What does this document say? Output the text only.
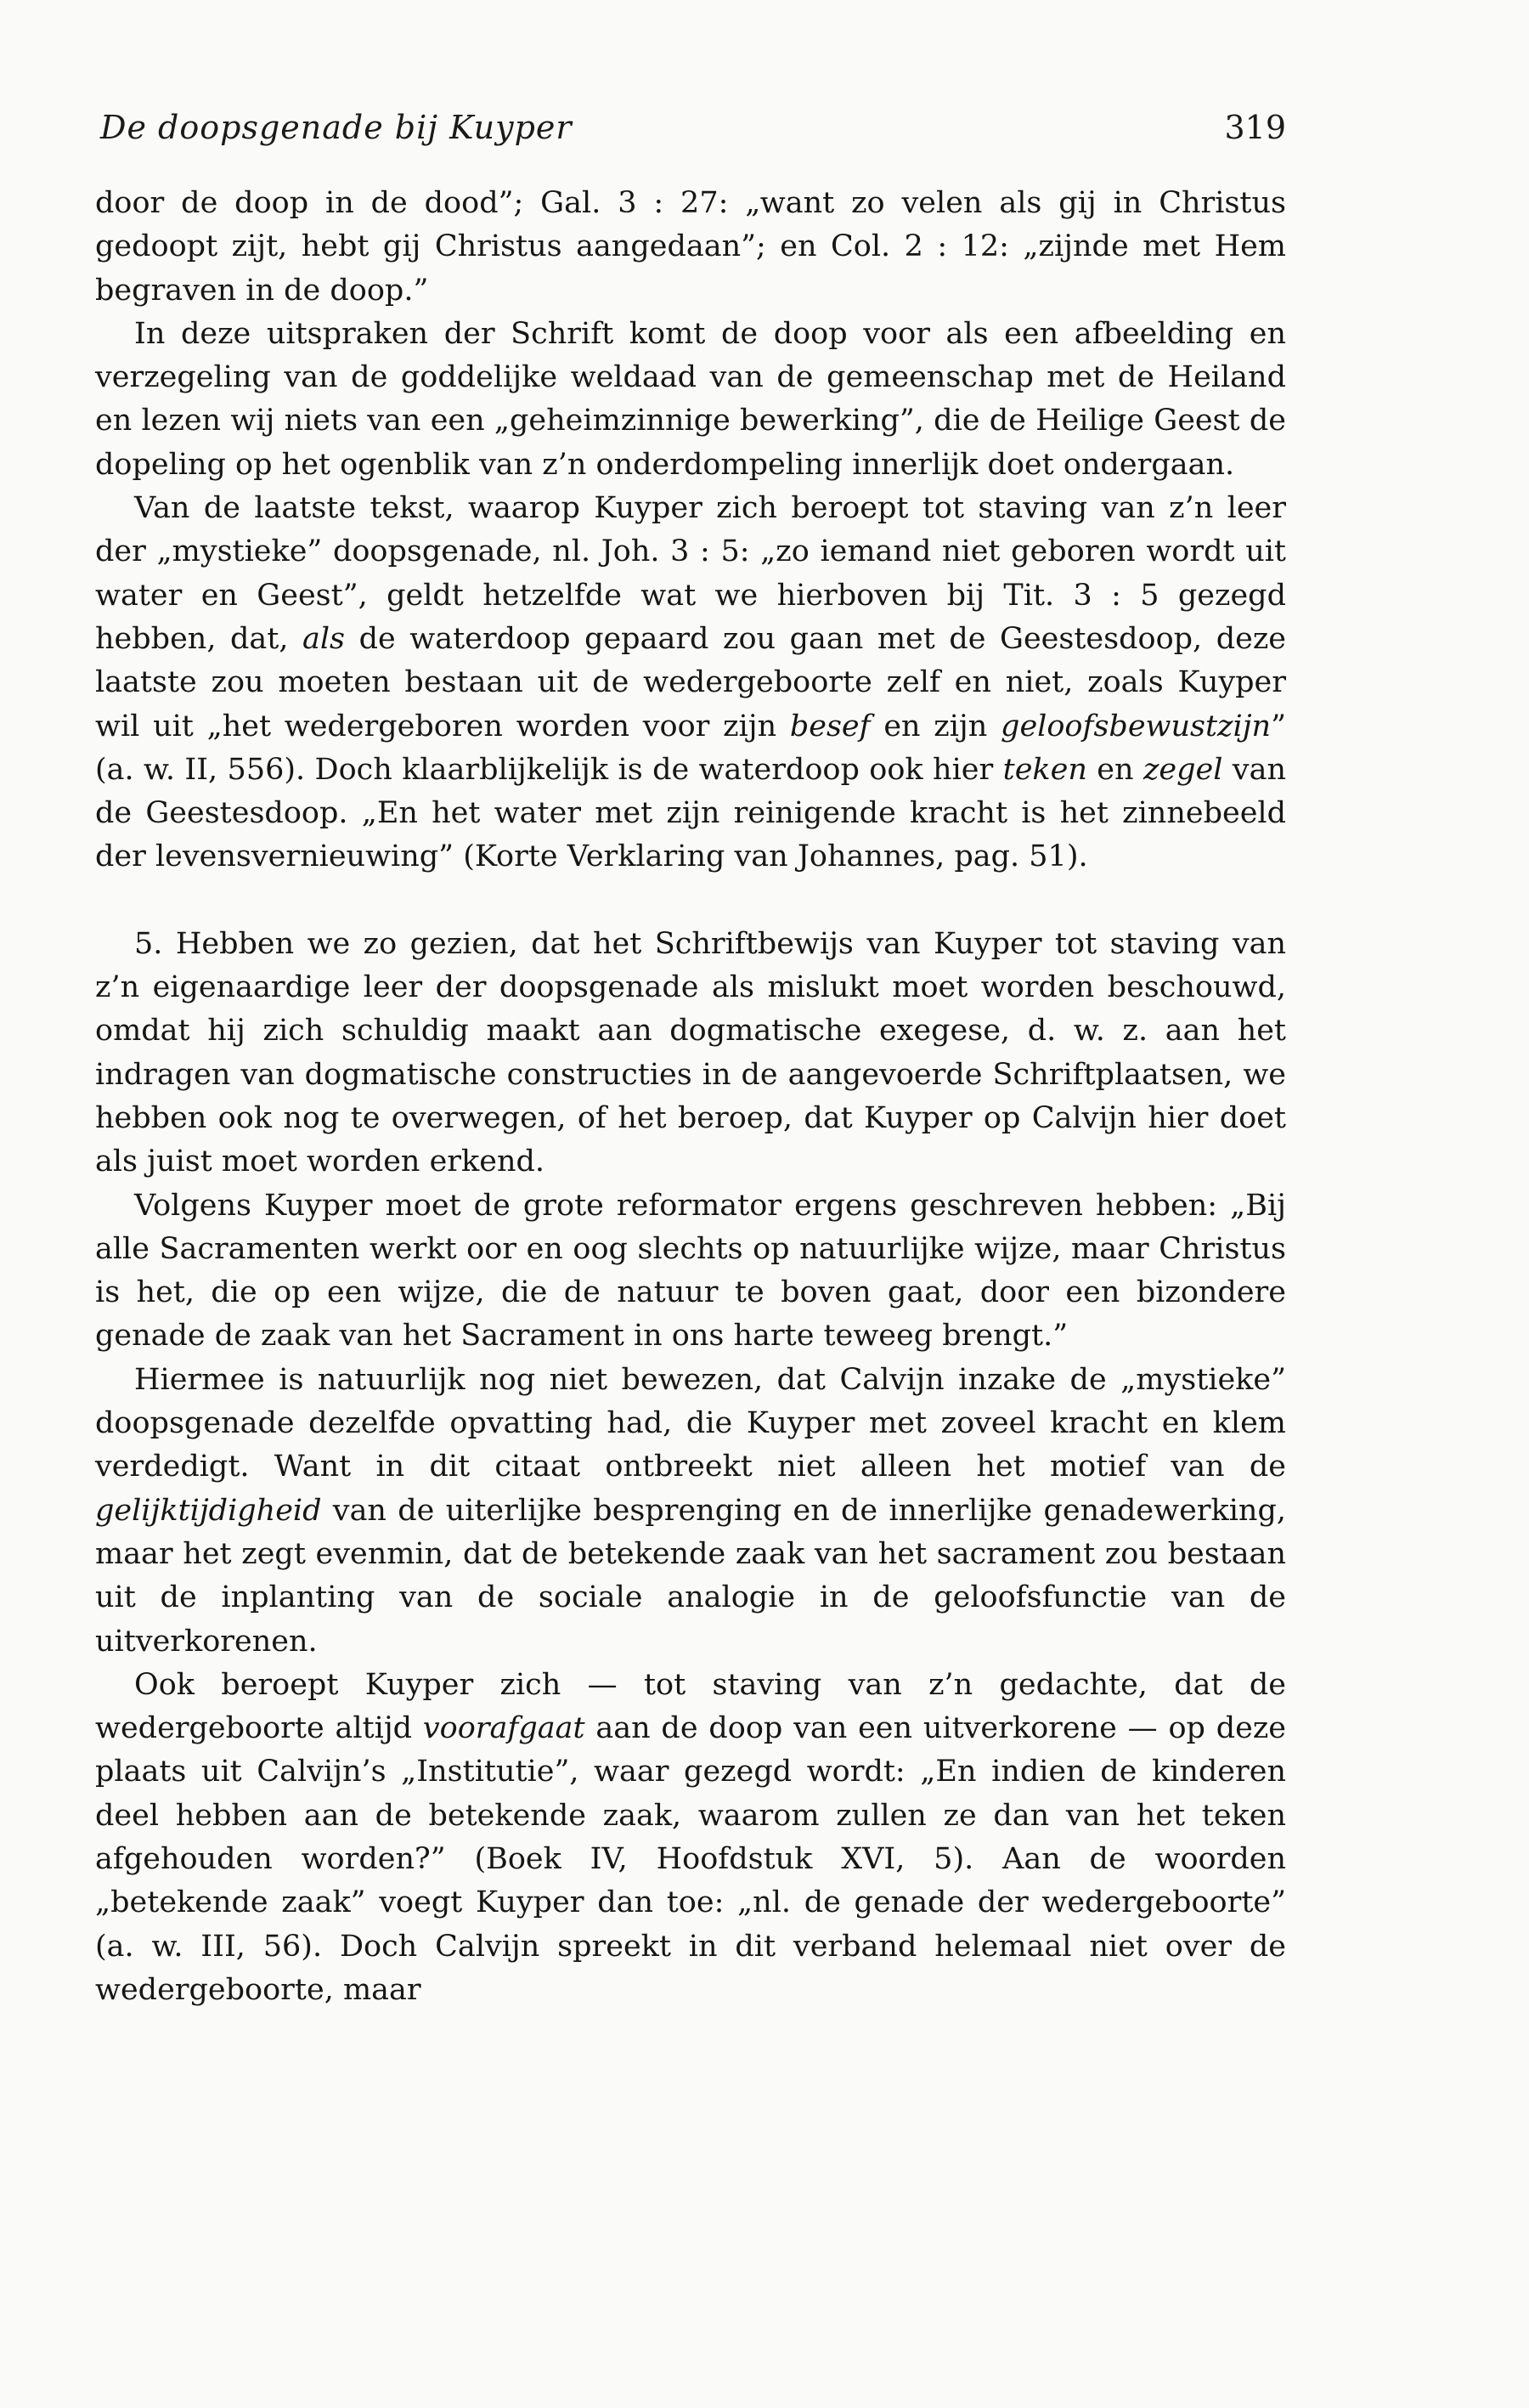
De doopsgenade bij Kuyper	319

door de doop in de dood”; Gal. 3 : 27: „want zo velen als gij in Christus gedoopt zijt, hebt gij Christus aangedaan”; en Col. 2 : 12: „zijnde met Hem begraven in de doop.”

In deze uitspraken der Schrift komt de doop voor als een afbeelding en verzegeling van de goddelijke weldaad van de gemeenschap met de Heiland en lezen wij niets van een „geheimzinnige bewerking”, die de Heilige Geest de dopeling op het ogenblik van z’n onderdompeling innerlijk doet ondergaan.

Van de laatste tekst, waarop Kuyper zich beroept tot staving van z’n leer der „mystieke” doopsgenade, nl. Joh. 3 : 5: „zo iemand niet geboren wordt uit water en Geest”, geldt hetzelfde wat we hierboven bij Tit. 3 : 5 gezegd hebben, dat, als de waterdoop gepaard zou gaan met de Geestesdoop, deze laatste zou moeten bestaan uit de wedergeboorte zelf en niet, zoals Kuyper wil uit „het wedergeboren worden voor zijn besef en zijn geloofsbewustzijn” (a. w. II, 556). Doch klaarblijkelijk is de waterdoop ook hier teken en zegel van de Geestesdoop. „En het water met zijn reinigende kracht is het zinnebeeld der levensvernieuwing” (Korte Verklaring van Johannes, pag. 51).

5. Hebben we zo gezien, dat het Schriftbewijs van Kuyper tot staving van z’n eigenaardige leer der doopsgenade als mislukt moet worden beschouwd, omdat hij zich schuldig maakt aan dogmatische exegese, d. w. z. aan het indragen van dogmatische constructies in de aangevoerde Schriftplaatsen, we hebben ook nog te overwegen, of het beroep, dat Kuyper op Calvijn hier doet als juist moet worden erkend.

Volgens Kuyper moet de grote reformator ergens geschreven hebben: „Bij alle Sacramenten werkt oor en oog slechts op natuurlijke wijze, maar Christus is het, die op een wijze, die de natuur te boven gaat, door een bizondere genade de zaak van het Sacrament in ons harte teweeg brengt.”

Hiermee is natuurlijk nog niet bewezen, dat Calvijn inzake de „mystieke” doopsgenade dezelfde opvatting had, die Kuyper met zoveel kracht en klem verdedigt. Want in dit citaat ontbreekt niet alleen het motief van de gelijktijdigheid van de uiterlijke besprenging en de innerlijke genadewerking, maar het zegt evenmin, dat de betekende zaak van het sacrament zou bestaan uit de inplanting van de sociale analogie in de geloofsfunctie van de uitverkorenen.

Ook beroept Kuyper zich — tot staving van z’n gedachte, dat de wedergeboorte altijd voorafgaat aan de doop van een uitverkorene — op deze plaats uit Calvijn’s „Institutie”, waar gezegd wordt: „En indien de kinderen deel hebben aan de betekende zaak, waarom zullen ze dan van het teken afgehouden worden?” (Boek IV, Hoofdstuk XVI, 5). Aan de woorden „betekende zaak” voegt Kuyper dan toe: „nl. de genade der wedergeboorte” (a. w. III, 56). Doch Calvijn spreekt in dit verband helemaal niet over de wedergeboorte, maar
